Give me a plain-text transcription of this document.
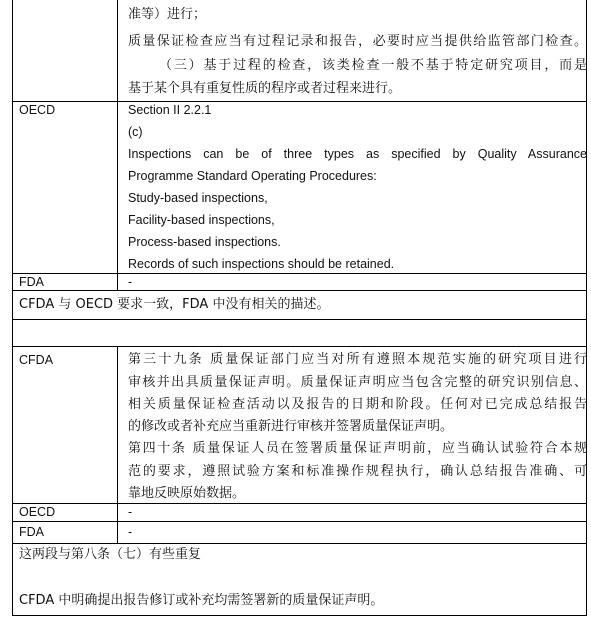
准等）进行；
质量保证检查应当有过程记录和报告，必要时应当提供给监管部门检查。
（三）基于过程的检查，该类检查一般不基于特定研究项目，而是
基于某个具有重复性质的程序或者过程来进行。
OECD	Section II 2.2.1
(c)
Inspections can be of three types as specified by Quality Assurance
Programme Standard Operating Procedures:
Study-based inspections,
Facility-based inspections,
Process-based inspections.
Records of such inspections should be retained.
FDA	-
CFDA 与 OECD 要求一致，FDA 中没有相关的描述。
CFDA	第三十九条 质量保证部门应当对所有遵照本规范实施的研究项目进行
审核并出具质量保证声明。质量保证声明应当包含完整的研究识别信息、
相关质量保证检查活动以及报告的日期和阶段。任何对已完成总结报告
的修改或者补充应当重新进行审核并签署质量保证声明。
第四十条 质量保证人员在签署质量保证声明前，应当确认试验符合本规
范的要求，遵照试验方案和标准操作规程执行，确认总结报告准确、可
靠地反映原始数据。
OECD	-
FDA	-
这两段与第八条（七）有些重复
CFDA 中明确提出报告修订或补充均需签署新的质量保证声明。
